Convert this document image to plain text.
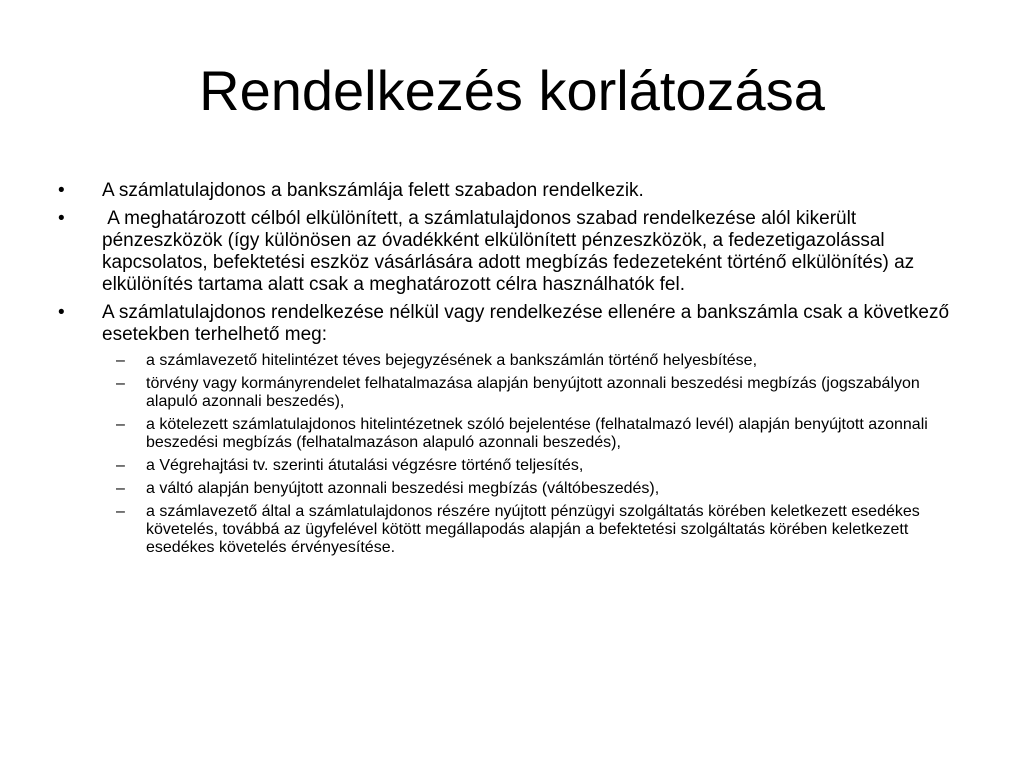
Rendelkezés korlátozása
• A számlatulajdonos a bankszámlája felett szabadon rendelkezik.
• A meghatározott célból elkülönített, a számlatulajdonos szabad rendelkezése alól kikerült pénzeszközök (így különösen az óvadékként elkülönített pénzeszközök, a fedezetigazolással kapcsolatos, befektetési eszköz vásárlására adott megbízás fedezeteként történő elkülönítés) az elkülönítés tartama alatt csak a meghatározott célra használhatók fel.
• A számlatulajdonos rendelkezése nélkül vagy rendelkezése ellenére a bankszámla csak a következő esetekben terhelhető meg:
– a számlavezető hitelintézet téves bejegyzésének a bankszámlán történő helyesbítése,
– törvény vagy kormányrendelet felhatalmazása alapján benyújtott azonnali beszedési megbízás (jogszabályon alapuló azonnali beszedés),
– a kötelezett számlatulajdonos hitelintézetnek szóló bejelentése (felhatalmazó levél) alapján benyújtott azonnali beszedési megbízás (felhatalmazáson alapuló azonnali beszedés),
– a Végrehajtási tv. szerinti átutalási végzésre történő teljesítés,
– a váltó alapján benyújtott azonnali beszedési megbízás (váltóbeszedés),
– a számlavezető által a számlatulajdonos részére nyújtott pénzügyi szolgáltatás körében keletkezett esedékes követelés, továbbá az ügyfelével kötött megállapodás alapján a befektetési szolgáltatás körében keletkezett esedékes követelés érvényesítése.
